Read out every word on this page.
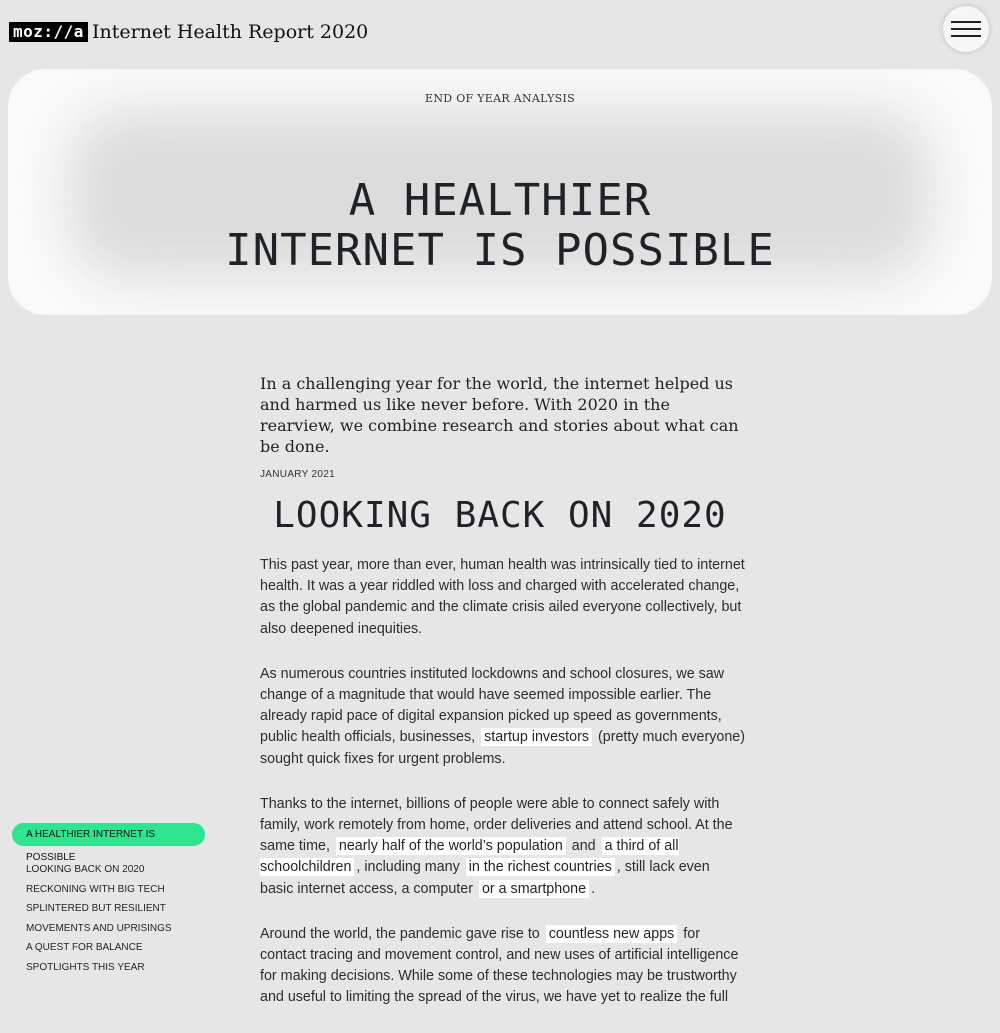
moz://a Internet Health Report 2020
END OF YEAR ANALYSIS
A HEALTHIER
INTERNET IS POSSIBLE

In a challenging year for the world, the internet helped us and harmed us like never before. With 2020 in the rearview, we combine research and stories about what can be done.

JANUARY 2021
LOOKING BACK ON 2020

This past year, more than ever, human health was intrinsically tied to internet health. It was a year riddled with loss and charged with accelerated change, as the global pandemic and the climate crisis ailed everyone collectively, but also deepened inequities.

As numerous countries instituted lockdowns and school closures, we saw change of a magnitude that would have seemed impossible earlier. The already rapid pace of digital expansion picked up speed as governments, public health officials, businesses, startup investors (pretty much everyone) sought quick fixes for urgent problems.

Thanks to the internet, billions of people were able to connect safely with family, work remotely from home, order deliveries and attend school. At the same time, nearly half of the world’s population and a third of all schoolchildren , including many in the richest countries , still lack even basic internet access, a computer or a smartphone .

Around the world, the pandemic gave rise to countless new apps for contact tracing and movement control, and new uses of artificial intelligence for making decisions. While some of these technologies may be trustworthy and useful to limiting the spread of the virus, we have yet to realize the full

A HEALTHIER INTERNET IS POSSIBLE
LOOKING BACK ON 2020
RECKONING WITH BIG TECH
SPLINTERED BUT RESILIENT
MOVEMENTS AND UPRISINGS
A QUEST FOR BALANCE
SPOTLIGHTS THIS YEAR
